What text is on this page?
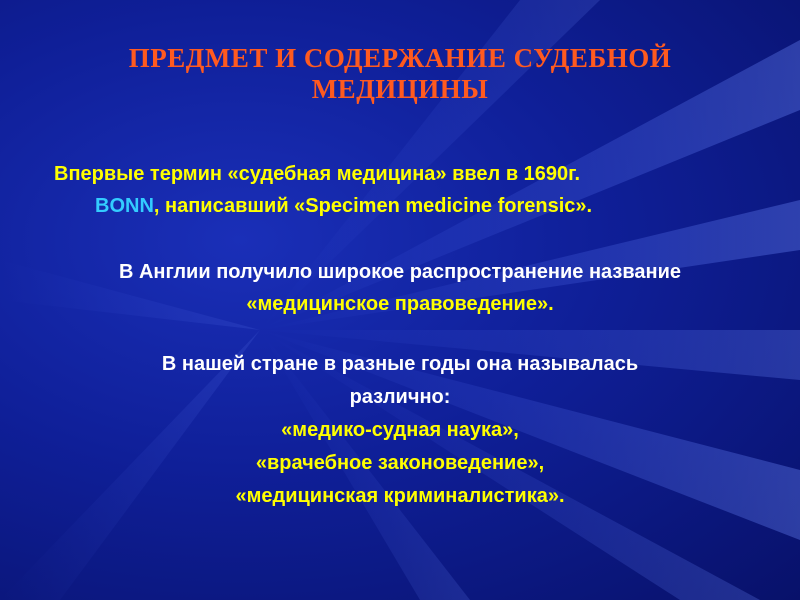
ПРЕДМЕТ И СОДЕРЖАНИЕ СУДЕБНОЙ
МЕДИЦИНЫ
Впервые термин «судебная медицина» ввел в 1690г.
BONN, написавший «Specimen medicine forensic».
В Англии получило широкое распространение название
«медицинское правоведение».
В нашей стране в разные годы она называлась
различно:
«медико-судная наука»,
«врачебное законоведение»,
«медицинская криминалистика».
